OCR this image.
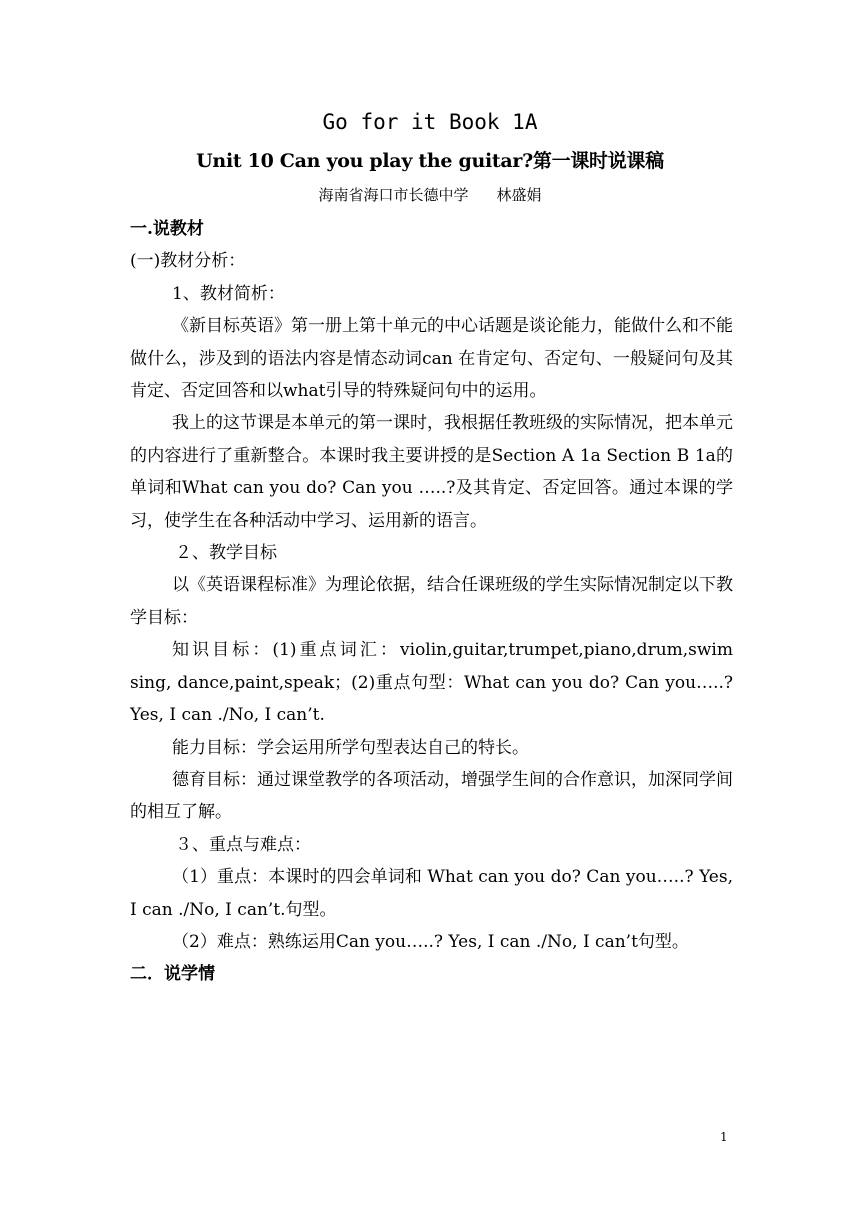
Go for it Book 1A
Unit 10 Can you play the guitar?第一课时说课稿
海南省海口市长德中学 林盛娟

一.说教材

(一)教材分析：

1、教材简析：

《新目标英语》第一册上第十单元的中心话题是谈论能力，能做什么和不能做什么，涉及到的语法内容是情态动词can 在肯定句、否定句、一般疑问句及其肯定、否定回答和以what引导的特殊疑问句中的运用。

我上的这节课是本单元的第一课时，我根据任教班级的实际情况，把本单元的内容进行了重新整合。本课时我主要讲授的是Section A 1a Section B 1a的单词和What can you do? Can you …..?及其肯定、否定回答。通过本课的学习，使学生在各种活动中学习、运用新的语言。

２、教学目标

以《英语课程标准》为理论依据，结合任课班级的学生实际情况制定以下教学目标：

知识目标：(1)重点词汇：violin,guitar,trumpet,piano,drum,swim sing, dance,paint,speak；(2)重点句型：What can you do? Can you…..? Yes, I can ./No, I can’t.

能力目标：学会运用所学句型表达自己的特长。

德育目标：通过课堂教学的各项活动，增强学生间的合作意识，加深同学间的相互了解。

３、重点与难点：

（1）重点：本课时的四会单词和 What can you do? Can you…..? Yes, I can ./No, I can’t.句型。

（2）难点：熟练运用Can you…..? Yes, I can ./No, I can’t句型。

二．说学情

1
